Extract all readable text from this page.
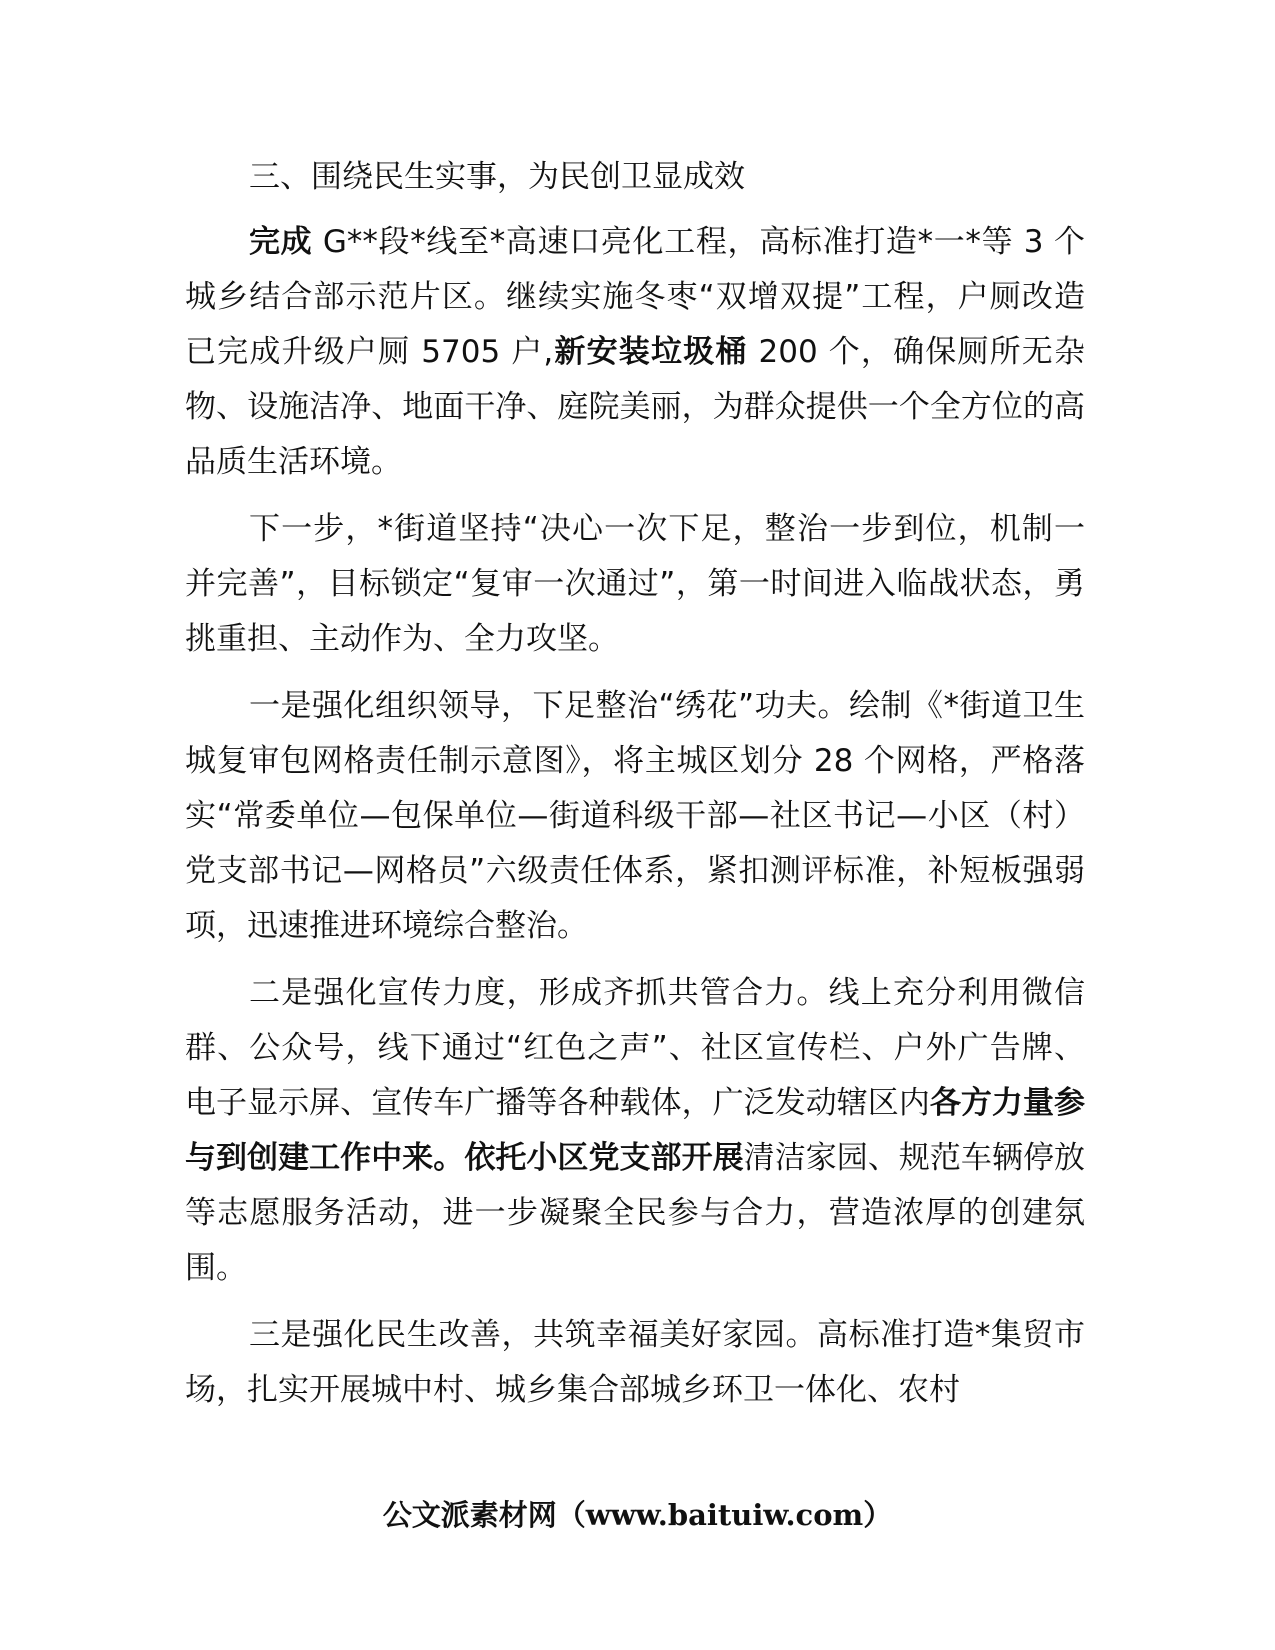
三、围绕民生实事，为民创卫显成效

完成 G**段*线至*高速口亮化工程，高标准打造*一*等 3 个城乡结合部示范片区。继续实施冬枣“双增双提”工程，户厕改造已完成升级户厕 5705 户,新安装垃圾桶 200 个，确保厕所无杂物、设施洁净、地面干净、庭院美丽，为群众提供一个全方位的高品质生活环境。

下一步，*街道坚持“决心一次下足，整治一步到位，机制一并完善”，目标锁定“复审一次通过”，第一时间进入临战状态，勇挑重担、主动作为、全力攻坚。

一是强化组织领导，下足整治“绣花”功夫。绘制《*街道卫生城复审包网格责任制示意图》，将主城区划分 28 个网格，严格落实“常委单位—包保单位—街道科级干部—社区书记—小区（村）党支部书记—网格员”六级责任体系，紧扣测评标准，补短板强弱项，迅速推进环境综合整治。

二是强化宣传力度，形成齐抓共管合力。线上充分利用微信群、公众号，线下通过“红色之声”、社区宣传栏、户外广告牌、电子显示屏、宣传车广播等各种载体，广泛发动辖区内各方力量参与到创建工作中来。依托小区党支部开展清洁家园、规范车辆停放等志愿服务活动，进一步凝聚全民参与合力，营造浓厚的创建氛围。

三是强化民生改善，共筑幸福美好家园。高标准打造*集贸市场，扎实开展城中村、城乡集合部城乡环卫一体化、农村

公文派素材网（www.baituiw.com）
